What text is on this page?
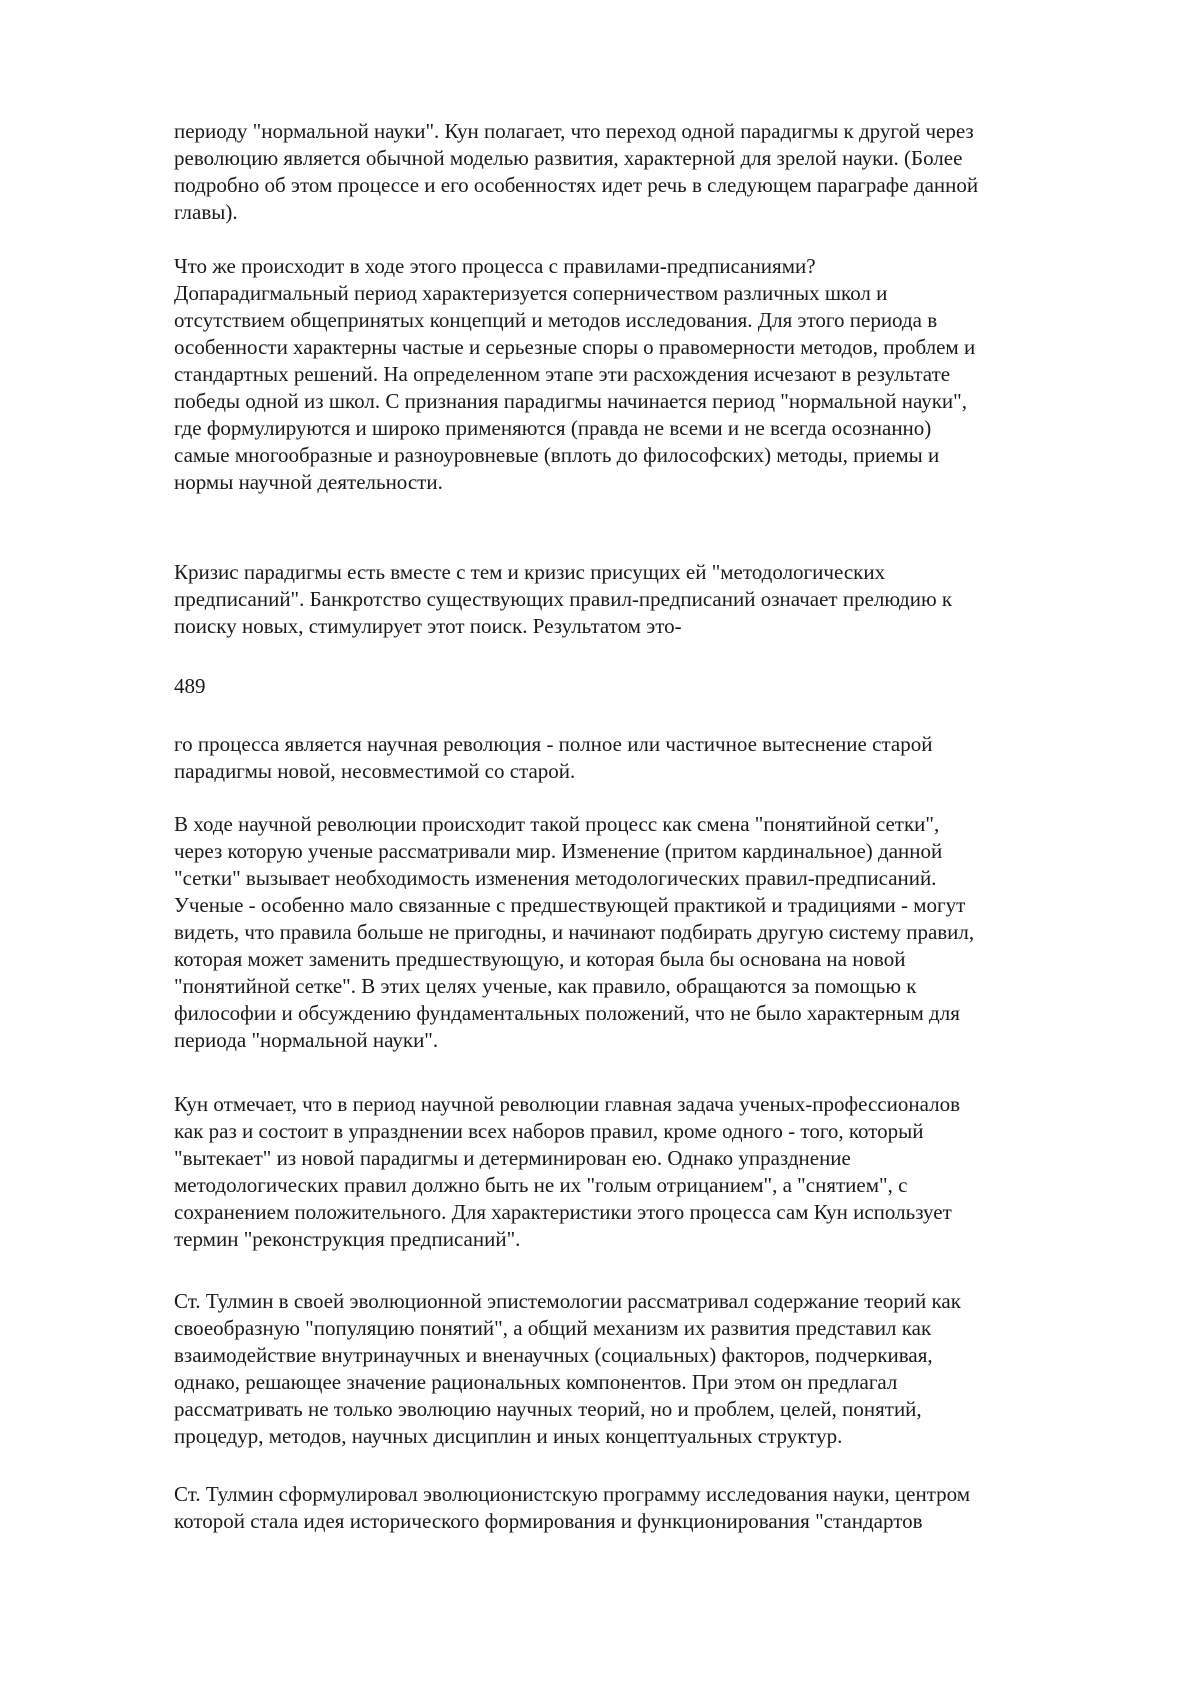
периоду "нормальной науки". Кун полагает, что переход одной парадигмы к другой через
революцию является обычной моделью развития, характерной для зрелой науки. (Более
подробно об этом процессе и его особенностях идет речь в следующем параграфе данной
главы).
Что же происходит в ходе этого процесса с правилами-предписаниями?
Допарадигмальный период характеризуется соперничеством различных школ и
отсутствием общепринятых концепций и методов исследования. Для этого периода в
особенности характерны частые и серьезные споры о правомерности методов, проблем и
стандартных решений. На определенном этапе эти расхождения исчезают в результате
победы одной из школ. С признания парадигмы начинается период "нормальной науки",
где формулируются и широко применяются (правда не всеми и не всегда осознанно)
самые многообразные и разноуровневые (вплоть до философских) методы, приемы и
нормы научной деятельности.
Кризис парадигмы есть вместе с тем и кризис присущих ей "методологических
предписаний". Банкротство существующих правил-предписаний означает прелюдию к
поиску новых, стимулирует этот поиск. Результатом это-
489
го процесса является научная революция - полное или частичное вытеснение старой
парадигмы новой, несовместимой со старой.
В ходе научной революции происходит такой процесс как смена "понятийной сетки",
через которую ученые рассматривали мир. Изменение (притом кардинальное) данной
"сетки" вызывает необходимость изменения методологических правил-предписаний.
Ученые - особенно мало связанные с предшествующей практикой и традициями - могут
видеть, что правила больше не пригодны, и начинают подбирать другую систему правил,
которая может заменить предшествующую, и которая была бы основана на новой
"понятийной сетке". В этих целях ученые, как правило, обращаются за помощью к
философии и обсуждению фундаментальных положений, что не было характерным для
периода "нормальной науки".
Кун отмечает, что в период научной революции главная задача ученых-профессионалов
как раз и состоит в упразднении всех наборов правил, кроме одного - того, который
"вытекает" из новой парадигмы и детерминирован ею. Однако упразднение
методологических правил должно быть не их "голым отрицанием", а "снятием", с
сохранением положительного. Для характеристики этого процесса сам Кун использует
термин "реконструкция предписаний".
Ст. Тулмин в своей эволюционной эпистемологии рассматривал содержание теорий как
своеобразную "популяцию понятий", а общий механизм их развития представил как
взаимодействие внутринаучных и вненаучных (социальных) факторов, подчеркивая,
однако, решающее значение рациональных компонентов. При этом он предлагал
рассматривать не только эволюцию научных теорий, но и проблем, целей, понятий,
процедур, методов, научных дисциплин и иных концептуальных структур.
Ст. Тулмин сформулировал эволюционистскую программу исследования науки, центром
которой стала идея исторического формирования и функционирования "стандартов
